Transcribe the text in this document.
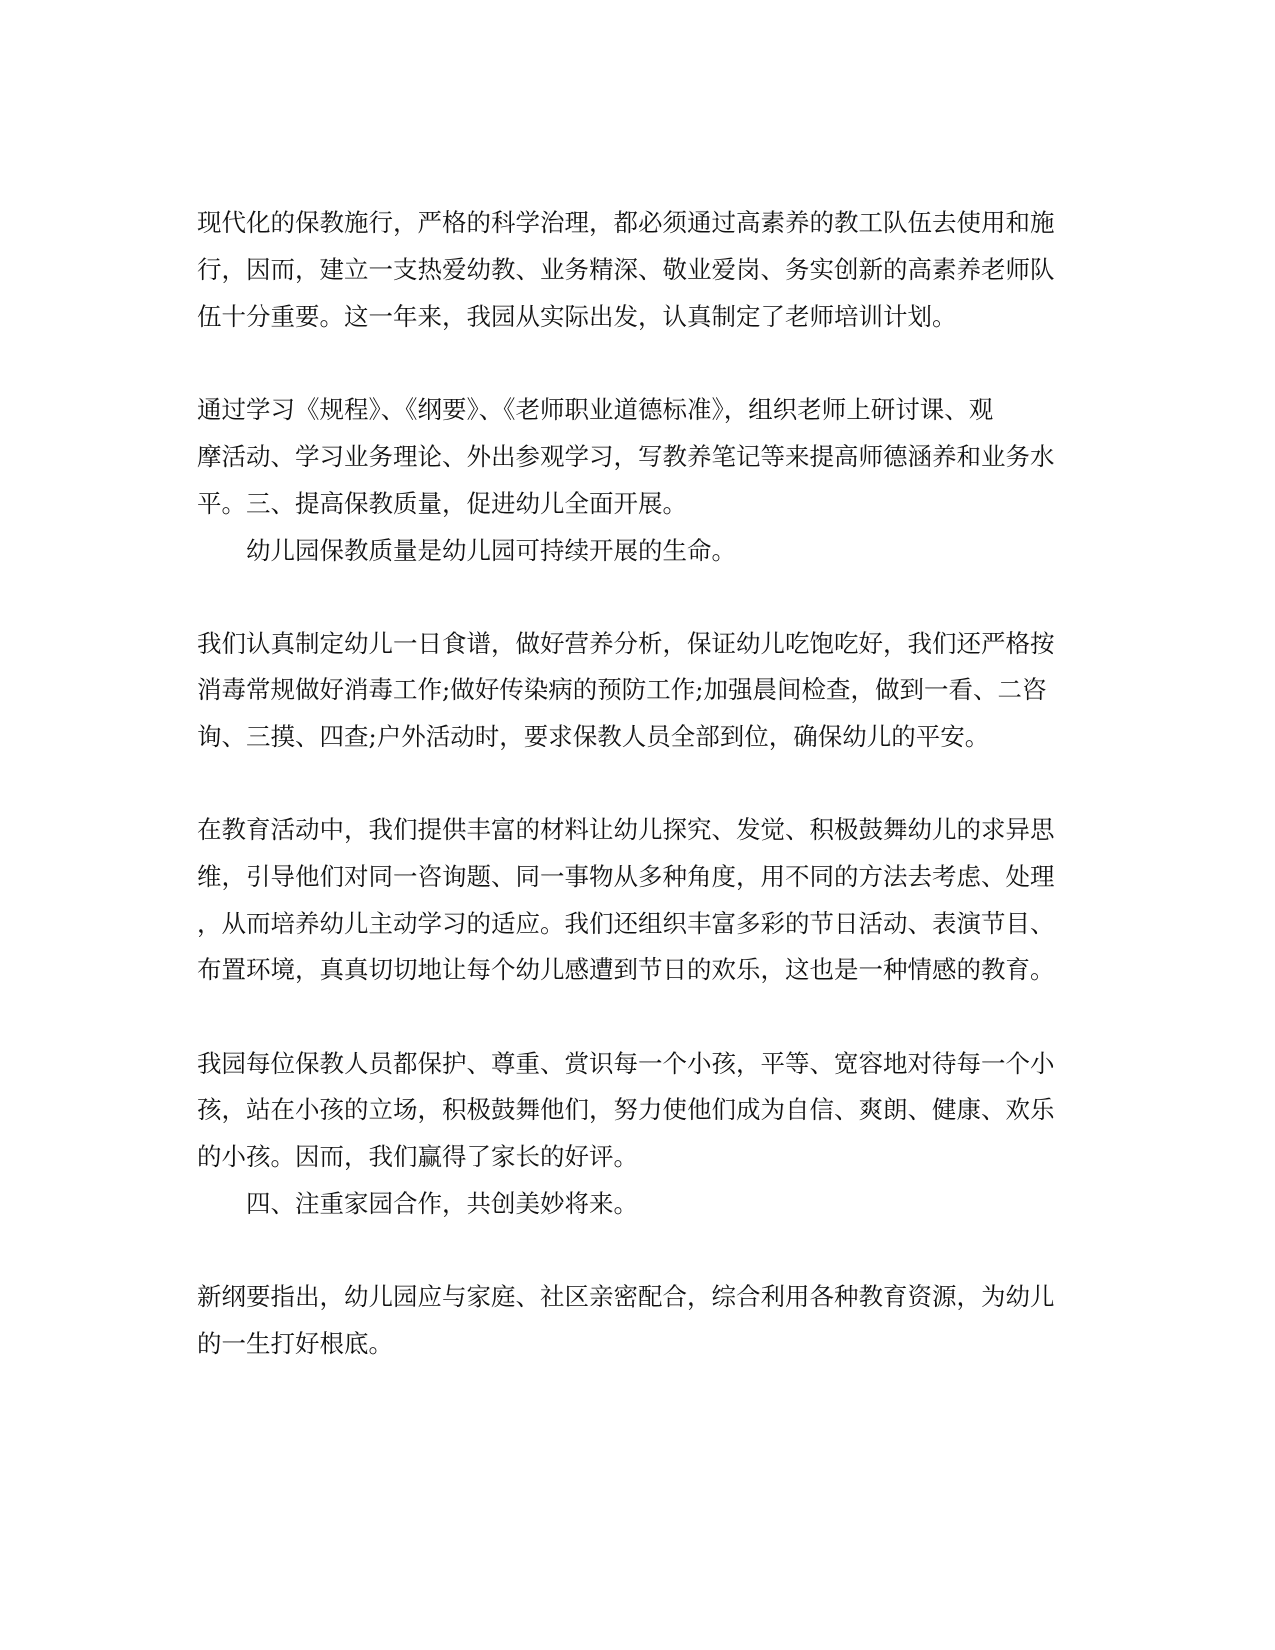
现代化的保教施行，严格的科学治理，都必须通过高素养的教工队伍去使用和施

行，因而，建立一支热爱幼教、业务精深、敬业爱岗、务实创新的高素养老师队

伍十分重要。这一年来，我园从实际出发，认真制定了老师培训计划。

通过学习《规程》、《纲要》、《老师职业道德标准》，组织老师上研讨课、观

摩活动、学习业务理论、外出参观学习，写教养笔记等来提高师德涵养和业务水

平。三、提高保教质量，促进幼儿全面开展。

幼儿园保教质量是幼儿园可持续开展的生命。

我们认真制定幼儿一日食谱，做好营养分析，保证幼儿吃饱吃好，我们还严格按

消毒常规做好消毒工作;做好传染病的预防工作;加强晨间检查，做到一看、二咨

询、三摸、四查;户外活动时，要求保教人员全部到位，确保幼儿的平安。

在教育活动中，我们提供丰富的材料让幼儿探究、发觉、积极鼓舞幼儿的求异思

维，引导他们对同一咨询题、同一事物从多种角度，用不同的方法去考虑、处理

，从而培养幼儿主动学习的适应。我们还组织丰富多彩的节日活动、表演节目、

布置环境，真真切切地让每个幼儿感遭到节日的欢乐，这也是一种情感的教育。

我园每位保教人员都保护、尊重、赏识每一个小孩，平等、宽容地对待每一个小

孩，站在小孩的立场，积极鼓舞他们，努力使他们成为自信、爽朗、健康、欢乐

的小孩。因而，我们赢得了家长的好评。

四、注重家园合作，共创美妙将来。

新纲要指出，幼儿园应与家庭、社区亲密配合，综合利用各种教育资源，为幼儿

的一生打好根底。
